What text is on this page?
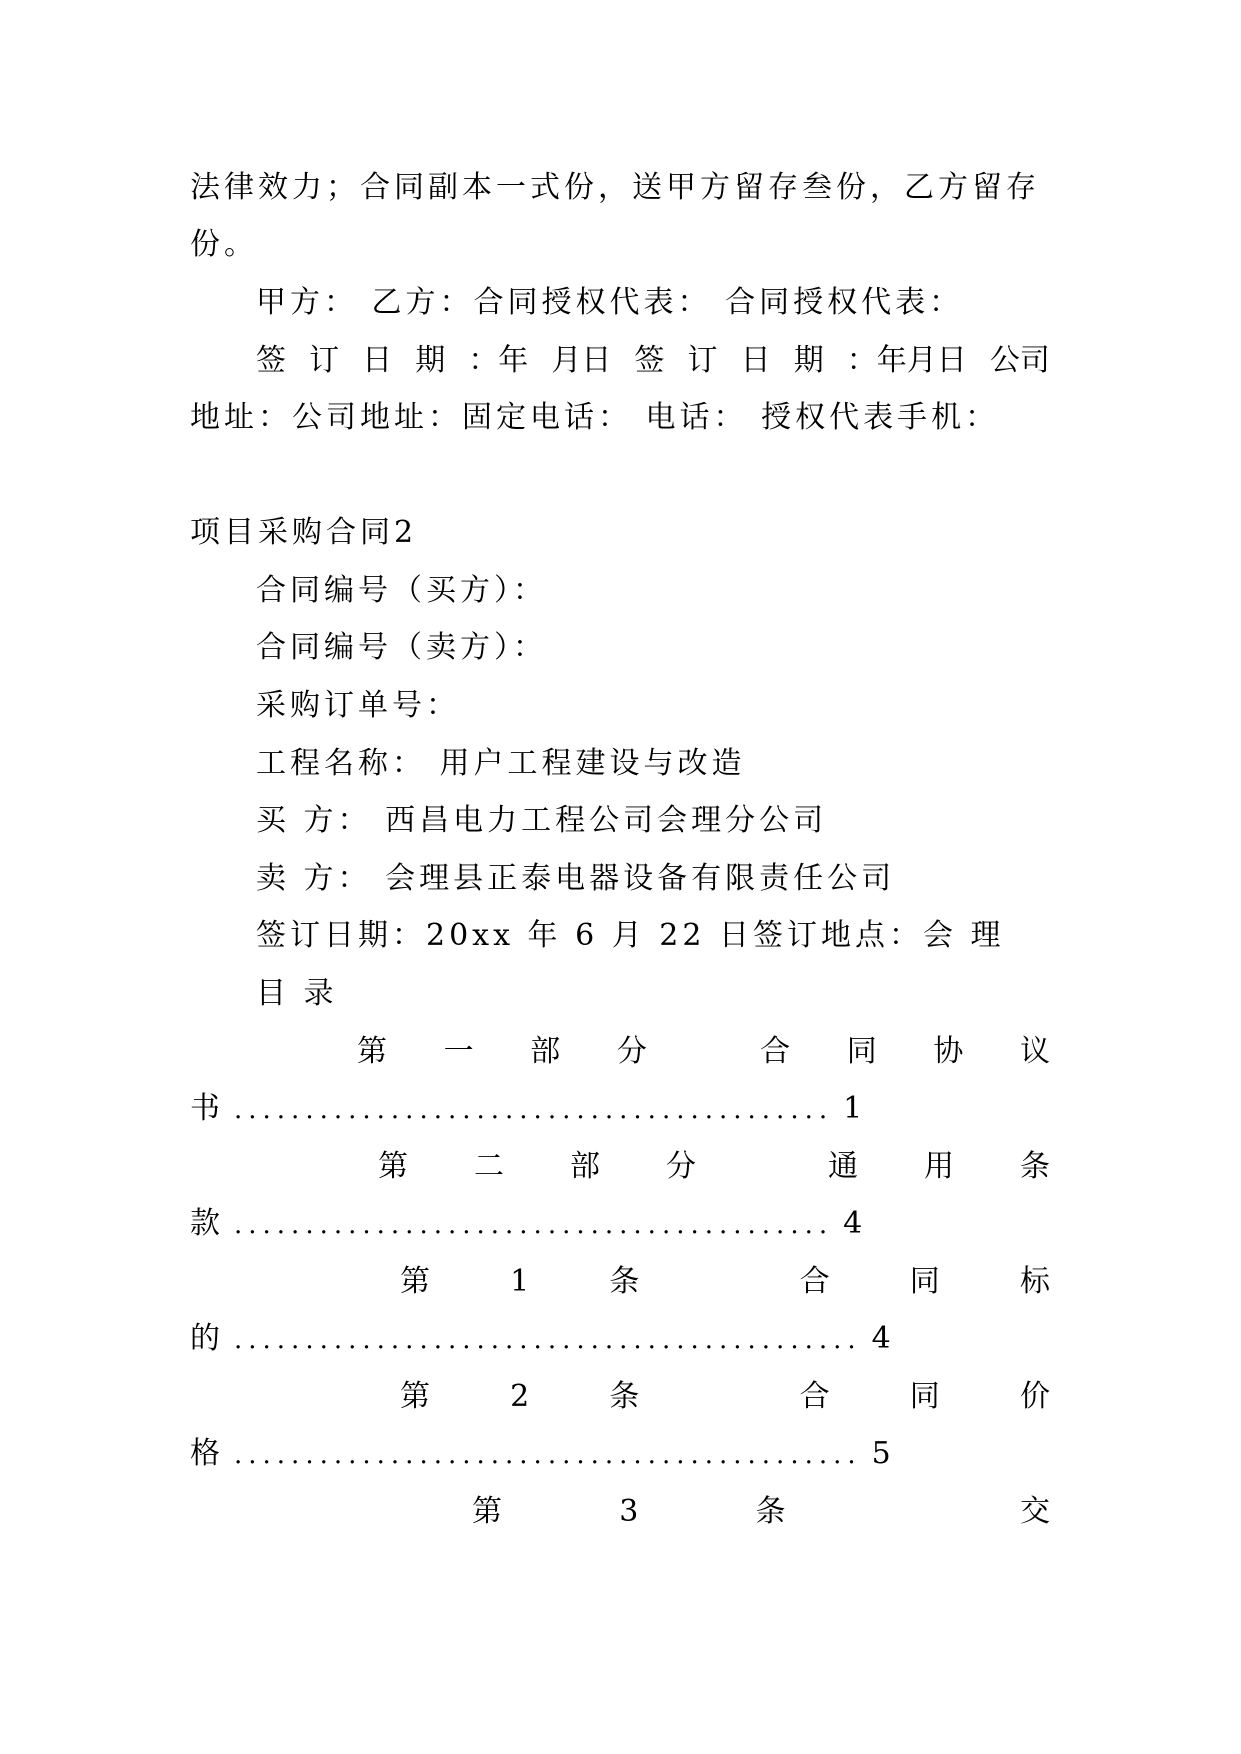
法律效力；合同副本一式份，送甲方留存叁份，乙方留存
份。
甲方： 乙方：合同授权代表： 合同授权代表：
签 订 日 期 ：年 月日 签 订 日 期 ：年月日 公司
地址：公司地址：固定电话： 电话： 授权代表手机：
项目采购合同2
合同编号（买方）：
合同编号（卖方）：
采购订单号：
工程名称： 用户工程建设与改造
买 方： 西昌电力工程公司会理分公司
卖 方： 会理县正泰电器设备有限责任公司
签订日期：20xx 年 6 月 22 日签订地点：会 理
目 录
第 一 部 分	合 同 协 议
书 .......................................... 1
第 二 部 分	通 用 条
款 .......................................... 4
第	1	条	合	同	标
的 ............................................ 4
第	2	条	合	同	价
格 ............................................ 5
第	3	条	交
